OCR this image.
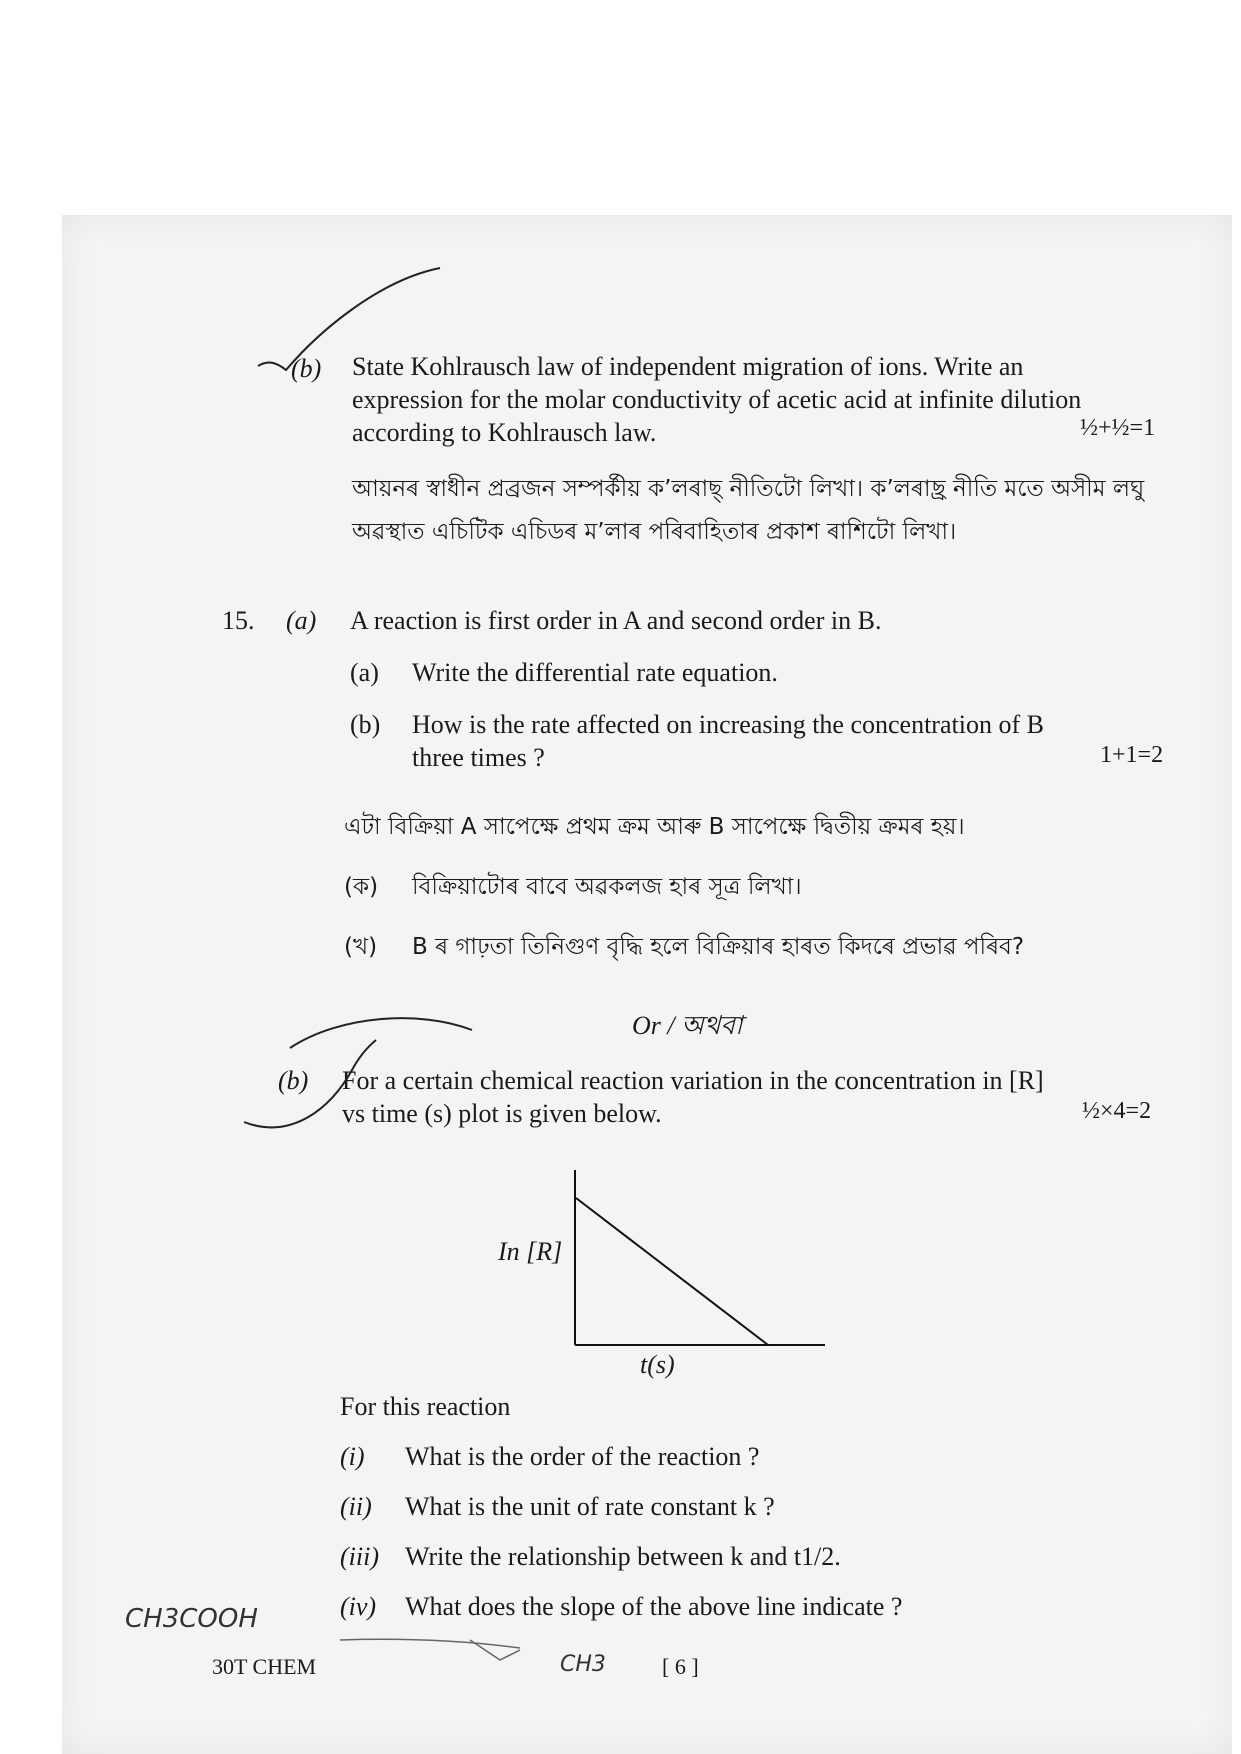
(b) State Kohlrausch law of independent migration of ions. Write an
expression for the molar conductivity of acetic acid at infinite dilution
according to Kohlrausch law.	½+½=1
আয়নৰ স্বাধীন প্ৰব্ৰজন সম্পৰ্কীয় ক’লৰাছ্ নীতিটো লিখা। ক’লৰাছ্ৰ নীতি মতে অসীম লঘু
অৱস্থাত এচিটিক এচিডৰ ম’লাৰ পৰিবাহিতাৰ প্ৰকাশ ৰাশিটো লিখা।
15. (a) A reaction is first order in A and second order in B.
(a) Write the differential rate equation.
(b) How is the rate affected on increasing the concentration of B
three times ?	1+1=2
এটা বিক্ৰিয়া A সাপেক্ষে প্ৰথম ক্ৰম আৰু B সাপেক্ষে দ্বিতীয় ক্ৰমৰ হয়।
(ক) বিক্ৰিয়াটোৰ বাবে অৱকলজ হাৰ সূত্ৰ লিখা।
(খ) B ৰ গাঢ়তা তিনিগুণ বৃদ্ধি হলে বিক্ৰিয়াৰ হাৰত কিদৰে প্ৰভাৱ পৰিব?
Or / অথবা
(b) For a certain chemical reaction variation in the concentration in [R]
vs time (s) plot is given below.	½×4=2
In [R]
t(s)
For this reaction
(i) What is the order of the reaction ?
(ii) What is the unit of rate constant k ?
(iii) Write the relationship between k and t1/2.
(iv) What does the slope of the above line indicate ?
CH3COOH
CH3
30T CHEM	[ 6 ]
